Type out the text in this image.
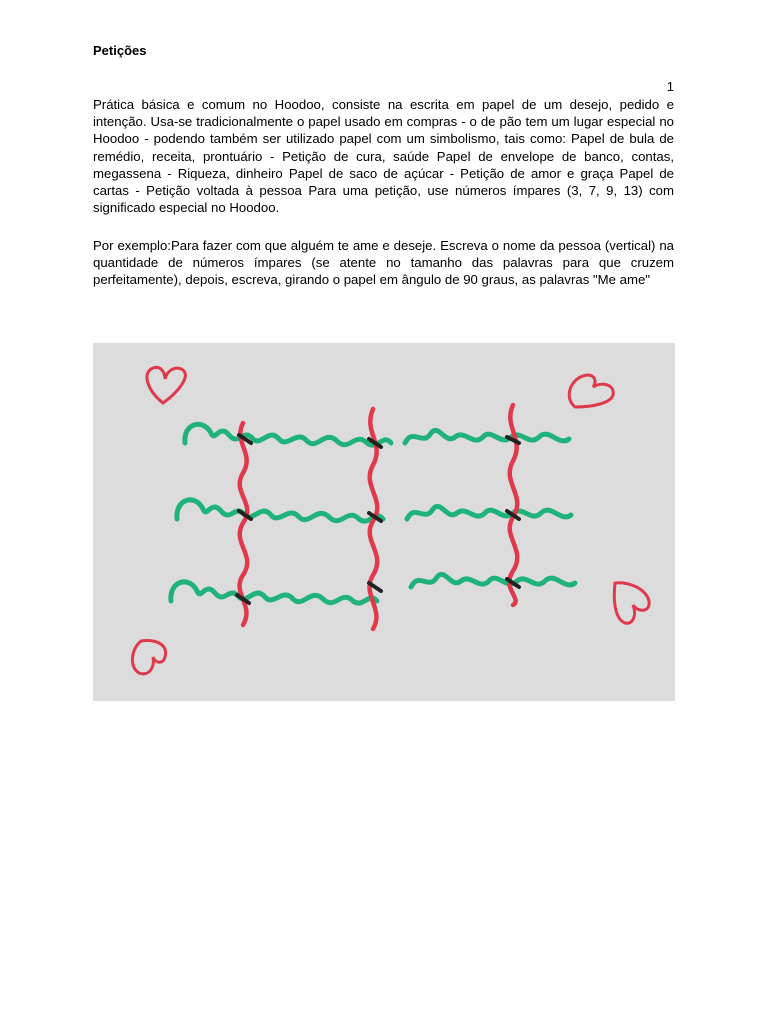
Petições
1

Prática básica e comum no Hoodoo, consiste na escrita em papel de um desejo, pedido e intenção. Usa-se tradicionalmente o papel usado em compras - o de pão tem um lugar especial no Hoodoo - podendo também ser utilizado papel com um simbolismo, tais como: Papel de bula de remédio, receita, prontuário - Petição de cura, saúde Papel de envelope de banco, contas, megassena - Riqueza, dinheiro Papel de saco de açúcar - Petição de amor e graça Papel de cartas - Petição voltada à pessoa Para uma petição, use números ímpares (3, 7, 9, 13) com significado especial no Hoodoo.

Por exemplo:Para fazer com que alguém te ame e deseje. Escreva o nome da pessoa (vertical) na quantidade de números ímpares (se atente no tamanho das palavras para que cruzem perfeitamente), depois, escreva, girando o papel em ângulo de 90 graus, as palavras "Me ame"
